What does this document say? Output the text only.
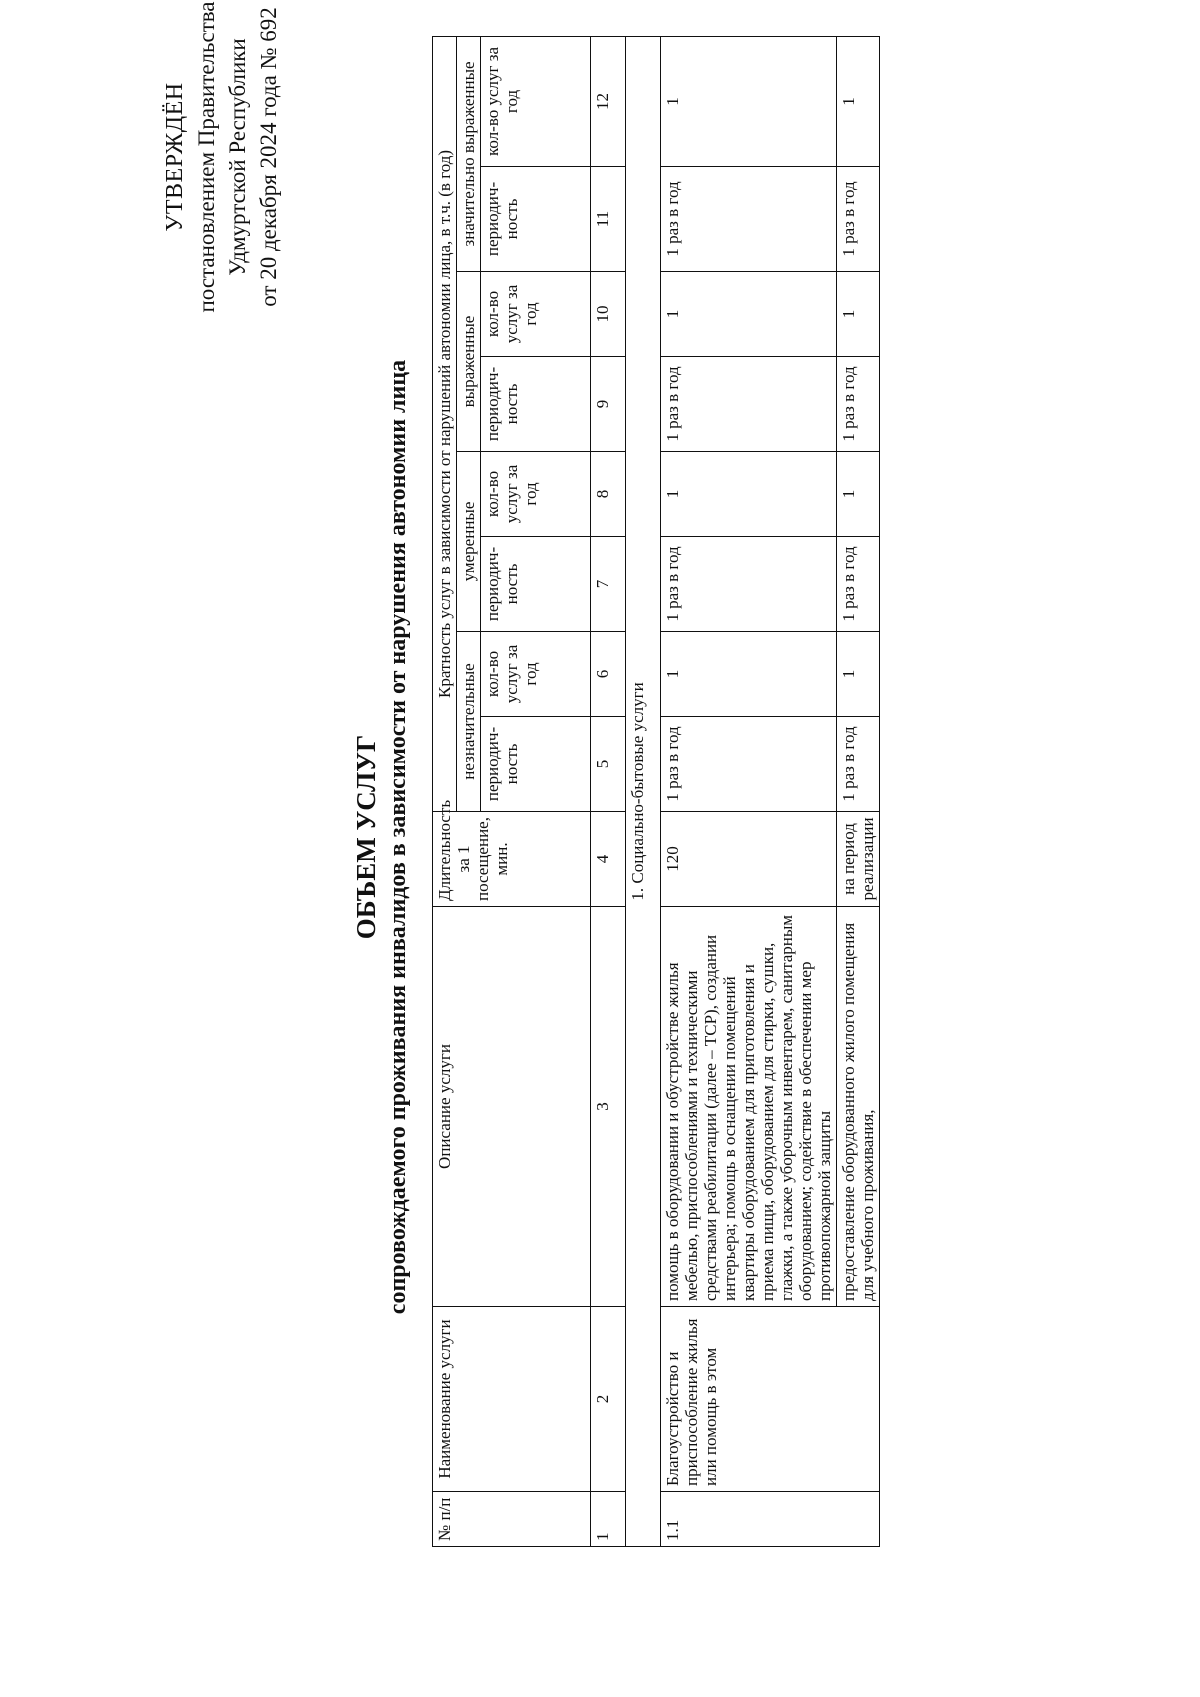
УТВЕРЖДЁН постановлением Правительства Удмуртской Республики от 20 декабря 2024 года № 692
ОБЪЕМ УСЛУГ сопровождаемого проживания инвалидов в зависимости от нарушения автономии лица
№ п/п	Наименование услуги	Описание услуги	Длительность за 1 посещение, мин.	Кратность услуг в зависимости от нарушений автономии лица, в т.ч. (в год)							
				незначительные		умеренные		выраженные		значительно выраженные	
				периодич-ность	кол-во услуг за год	периодич-ность	кол-во услуг за год	периодич-ность	кол-во услуг за год	периодич-ность	кол-во услуг за год
1	2	3	4	5	6	7	8	9	10	11	12
1. Социально-бытовые услуги											
1.1	Благоустройство и приспособление жилья или помощь в этом	помощь в оборудовании и обустройстве жилья мебелью, приспособлениями и техническими средствами реабилитации (далее – ТСР), создании интерьера; помощь в оснащении помещений квартиры оборудованием для приготовления и приема пищи, оборудованием для стирки, сушки, глажки, а также уборочным инвентарем, санитарным оборудованием; содействие в обеспечении мер противопожарной защиты	120	1 раз в год	1	1 раз в год	1	1 раз в год	1	1 раз в год	1
		предоставление оборудованного жилого помещения для учебного проживания,	на период реализации	1 раз в год	1	1 раз в год	1	1 раз в год	1	1 раз в год	1
